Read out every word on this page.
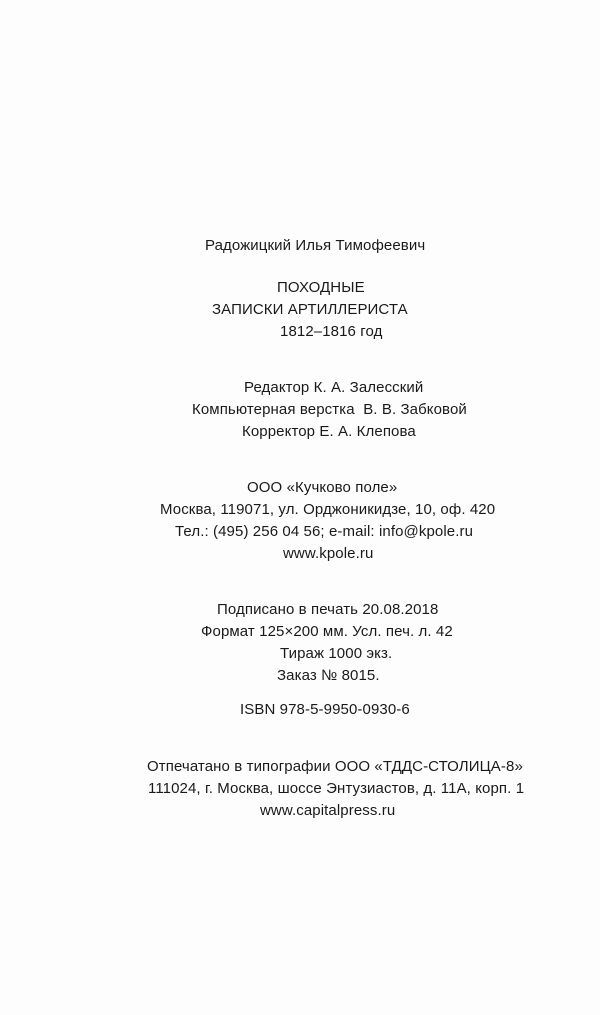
Радожицкий Илья Тимофеевич
ПОХОДНЫЕ
ЗАПИСКИ АРТИЛЛЕРИСТА
1812–1816 год
Редактор К. А. Залесский
Компьютерная верстка В. В. Забковой
Корректор Е. А. Клепова
ООО «Кучково поле»
Москва, 119071, ул. Орджоникидзе, 10, оф. 420
Тел.: (495) 256 04 56; e-mail: info@kpole.ru
www.kpole.ru
Подписано в печать 20.08.2018
Формат 125×200 мм. Усл. печ. л. 42
Тираж 1000 экз.
Заказ № 8015.
ISBN 978-5-9950-0930-6
Отпечатано в типографии ООО «ТДДС-СТОЛИЦА-8»
111024, г. Москва, шоссе Энтузиастов, д. 11А, корп. 1
www.capitalpress.ru
